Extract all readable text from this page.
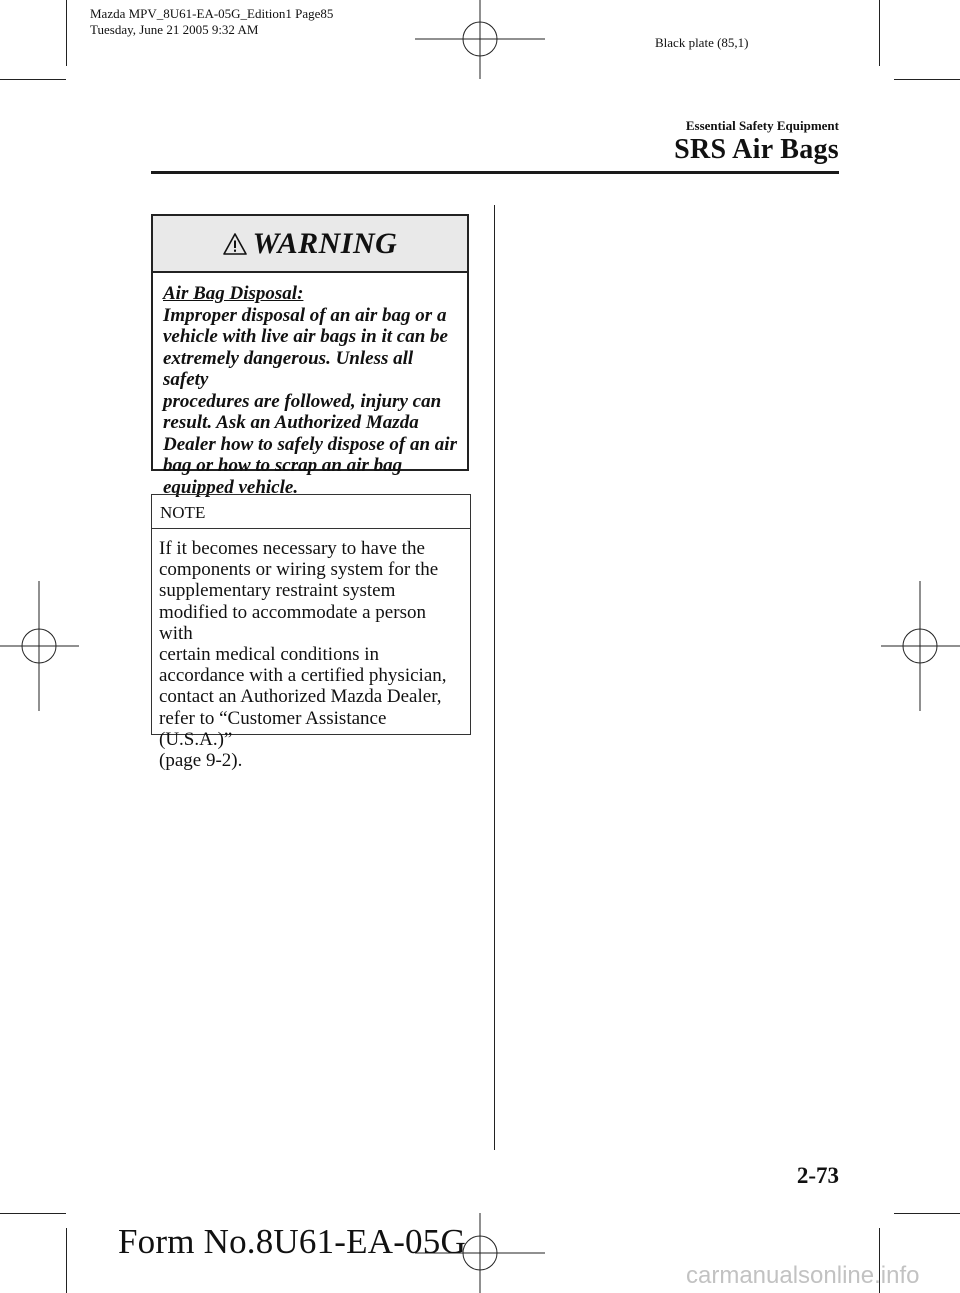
Mazda MPV_8U61-EA-05G_Edition1 Page85
Tuesday, June 21 2005 9:32 AM
Black plate (85,1)
Essential Safety Equipment
SRS Air Bags
WARNING
Air Bag Disposal:
Improper disposal of an air bag or a
vehicle with live air bags in it can be
extremely dangerous. Unless all safety
procedures are followed, injury can
result. Ask an Authorized Mazda
Dealer how to safely dispose of an air
bag or how to scrap an air bag
equipped vehicle.
NOTE
If it becomes necessary to have the
components or wiring system for the
supplementary restraint system
modified to accommodate a person with
certain medical conditions in
accordance with a certified physician,
contact an Authorized Mazda Dealer,
refer to “Customer Assistance (U.S.A.)”
(page 9-2).
2-73
Form No.8U61-EA-05G
carmanualsonline.info
